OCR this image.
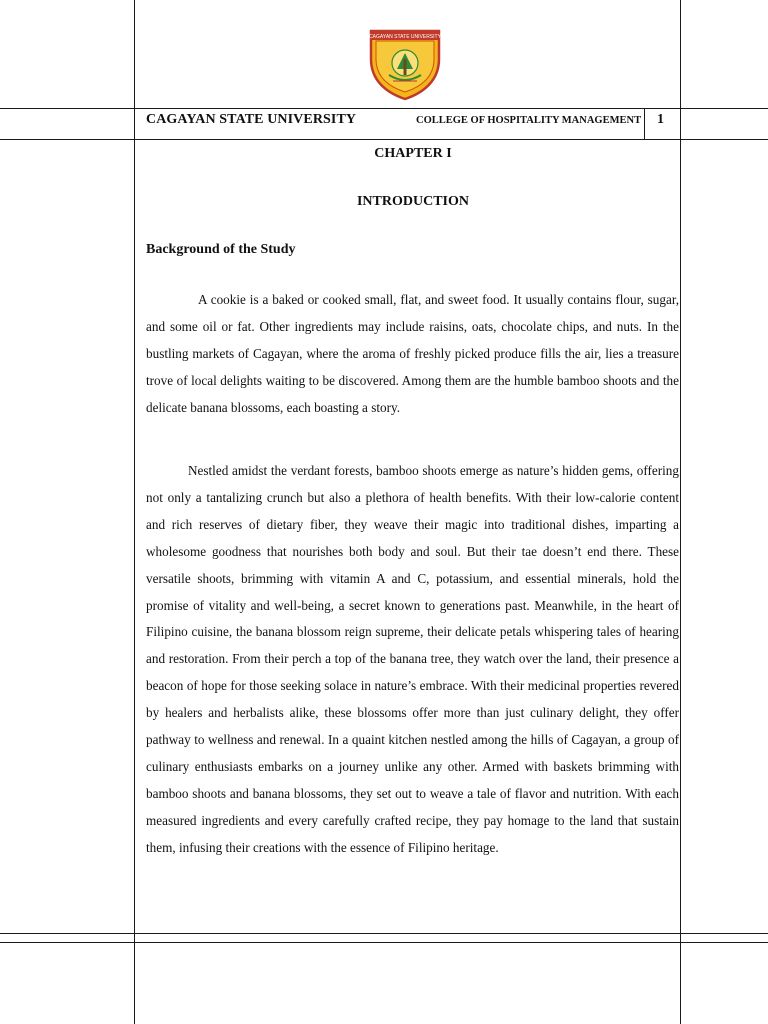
CAGAYAN STATE UNIVERSITY
CAGAYAN STATE UNIVERSITY	COLLEGE OF HOSPITALITY MANAGEMENT 1
CHAPTER I
INTRODUCTION
Background of the Study

A cookie is a baked or cooked small, flat, and sweet food. It usually contains flour, sugar, and some oil or fat. Other ingredients may include raisins, oats, chocolate chips, and nuts. In the bustling markets of Cagayan, where the aroma of freshly picked produce fills the air, lies a treasure trove of local delights waiting to be discovered. Among them are the humble bamboo shoots and the delicate banana blossoms, each boasting a story.

Nestled amidst the verdant forests, bamboo shoots emerge as nature’s hidden gems, offering not only a tantalizing crunch but also a plethora of health benefits. With their low-calorie content and rich reserves of dietary fiber, they weave their magic into traditional dishes, imparting a wholesome goodness that nourishes both body and soul. But their tae doesn’t end there. These versatile shoots, brimming with vitamin A and C, potassium, and essential minerals, hold the promise of vitality and well-being, a secret known to generations past. Meanwhile, in the heart of Filipino cuisine, the banana blossom reign supreme, their delicate petals whispering tales of hearing and restoration. From their perch a top of the banana tree, they watch over the land, their presence a beacon of hope for those seeking solace in nature’s embrace. With their medicinal properties revered by healers and herbalists alike, these blossoms offer more than just culinary delight, they offer pathway to wellness and renewal. In a quaint kitchen nestled among the hills of Cagayan, a group of culinary enthusiasts embarks on a journey unlike any other. Armed with baskets brimming with bamboo shoots and banana blossoms, they set out to weave a tale of flavor and nutrition. With each measured ingredients and every carefully crafted recipe, they pay homage to the land that sustain them, infusing their creations with the essence of Filipino heritage.
